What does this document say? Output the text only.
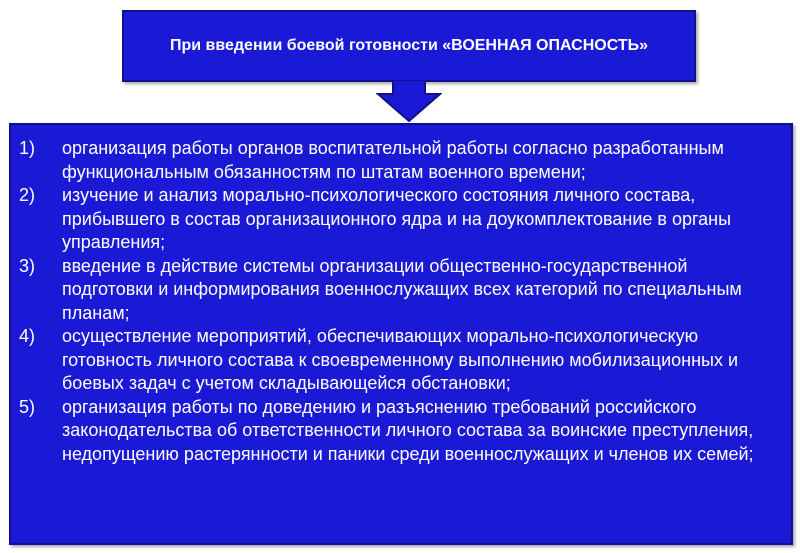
При введении боевой готовности «ВОЕННАЯ ОПАСНОСТЬ»
1)	организация работы органов воспитательной работы согласно разработанным функциональным обязанностям по штатам военного времени;
2)	изучение и анализ морально-психологического состояния личного состава, прибывшего в состав организационного ядра и на доукомплектование в органы управления;
3)	введение в действие системы организации общественно-государственной подготовки и информирования военнослужащих всех категорий по специальным планам;
4)	осуществление мероприятий, обеспечивающих морально-психологическую готовность личного состава к своевременному выполнению мобилизационных и боевых задач с учетом складывающейся обстановки;
5)	организация работы по доведению и разъяснению требований российского законодательства об ответственности личного состава за воинские преступления, недопущению растерянности и паники среди военнослужащих и членов их семей;
